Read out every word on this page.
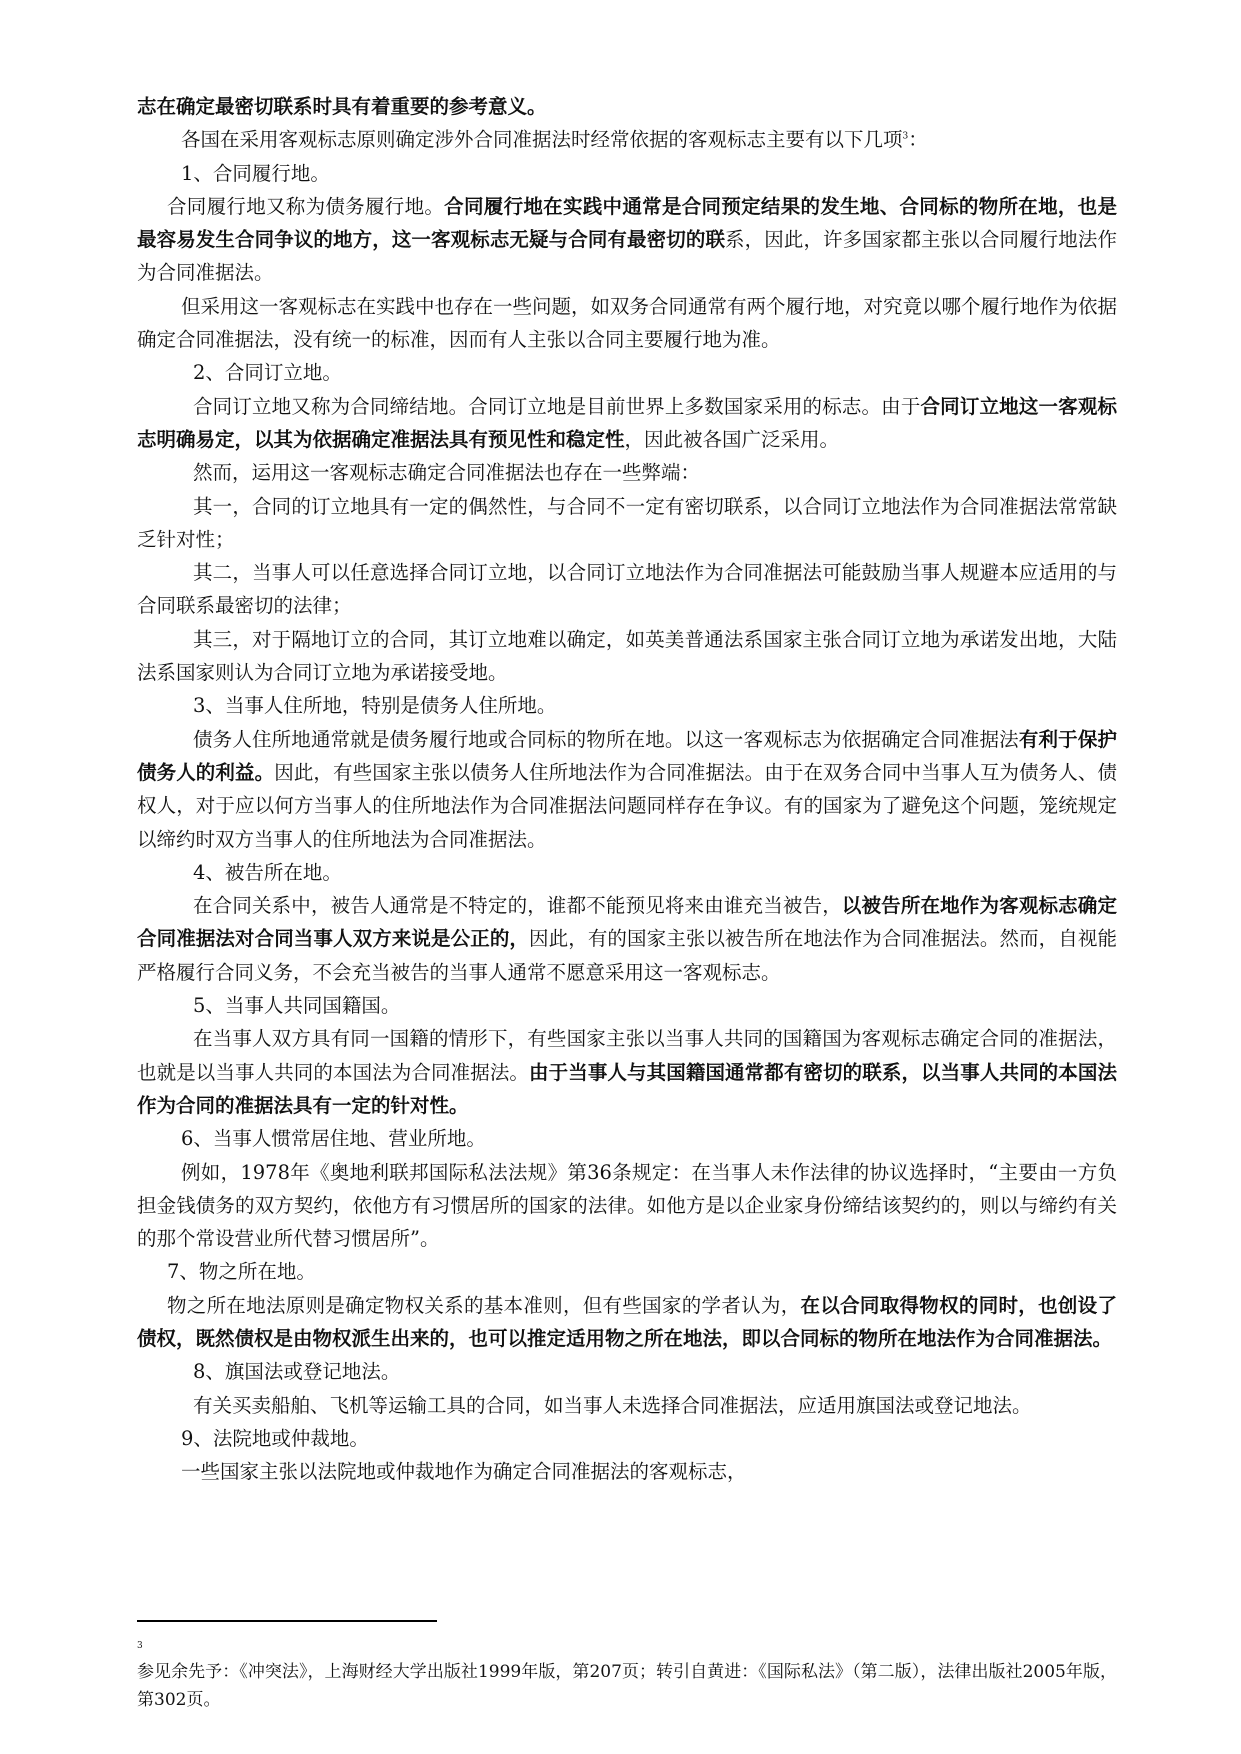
志在确定最密切联系时具有着重要的参考意义。

各国在采用客观标志原则确定涉外合同准据法时经常依据的客观标志主要有以下几项$^3$：

1、合同履行地。

合同履行地又称为债务履行地。合同履行地在实践中通常是合同预定结果的发生地、合同标的物所在地，也是最容易发生合同争议的地方，这一客观标志无疑与合同有最密切的联系，因此，许多国家都主张以合同履行地法作为合同准据法。

但采用这一客观标志在实践中也存在一些问题，如双务合同通常有两个履行地，对究竟以哪个履行地作为依据确定合同准据法，没有统一的标准，因而有人主张以合同主要履行地为准。

2、合同订立地。

合同订立地又称为合同缔结地。合同订立地是目前世界上多数国家采用的标志。由于合同订立地这一客观标志明确易定，以其为依据确定准据法具有预见性和稳定性，因此被各国广泛采用。

然而，运用这一客观标志确定合同准据法也存在一些弊端：

其一，合同的订立地具有一定的偶然性，与合同不一定有密切联系，以合同订立地法作为合同准据法常常缺乏针对性；

其二，当事人可以任意选择合同订立地，以合同订立地法作为合同准据法可能鼓励当事人规避本应适用的与合同联系最密切的法律；

其三，对于隔地订立的合同，其订立地难以确定，如英美普通法系国家主张合同订立地为承诺发出地，大陆法系国家则认为合同订立地为承诺接受地。

3、当事人住所地，特别是债务人住所地。

债务人住所地通常就是债务履行地或合同标的物所在地。以这一客观标志为依据确定合同准据法有利于保护债务人的利益。因此，有些国家主张以债务人住所地法作为合同准据法。由于在双务合同中当事人互为债务人、债权人，对于应以何方当事人的住所地法作为合同准据法问题同样存在争议。有的国家为了避免这个问题，笼统规定以缔约时双方当事人的住所地法为合同准据法。

4、被告所在地。

在合同关系中，被告人通常是不特定的，谁都不能预见将来由谁充当被告，以被告所在地作为客观标志确定合同准据法对合同当事人双方来说是公正的，因此，有的国家主张以被告所在地法作为合同准据法。然而，自视能严格履行合同义务，不会充当被告的当事人通常不愿意采用这一客观标志。

5、当事人共同国籍国。

在当事人双方具有同一国籍的情形下，有些国家主张以当事人共同的国籍国为客观标志确定合同的准据法，也就是以当事人共同的本国法为合同准据法。由于当事人与其国籍国通常都有密切的联系，以当事人共同的本国法作为合同的准据法具有一定的针对性。

6、当事人惯常居住地、营业所地。

例如，1978年《奥地利联邦国际私法法规》第36条规定：在当事人未作法律的协议选择时，“主要由一方负担金钱债务的双方契约，依他方有习惯居所的国家的法律。如他方是以企业家身份缔结该契约的，则以与缔约有关的那个常设营业所代替习惯居所”。

7、物之所在地。

物之所在地法原则是确定物权关系的基本准则，但有些国家的学者认为，在以合同取得物权的同时，也创设了债权，既然债权是由物权派生出来的，也可以推定适用物之所在地法，即以合同标的物所在地法作为合同准据法。

8、旗国法或登记地法。

有关买卖船舶、飞机等运输工具的合同，如当事人未选择合同准据法，应适用旗国法或登记地法。

9、法院地或仲裁地。

一些国家主张以法院地或仲裁地作为确定合同准据法的客观标志，

3
参见余先予：《冲突法》，上海财经大学出版社1999年版，第207页；转引自黄进：《国际私法》（第二版），法律出版社2005年版，第302页。
